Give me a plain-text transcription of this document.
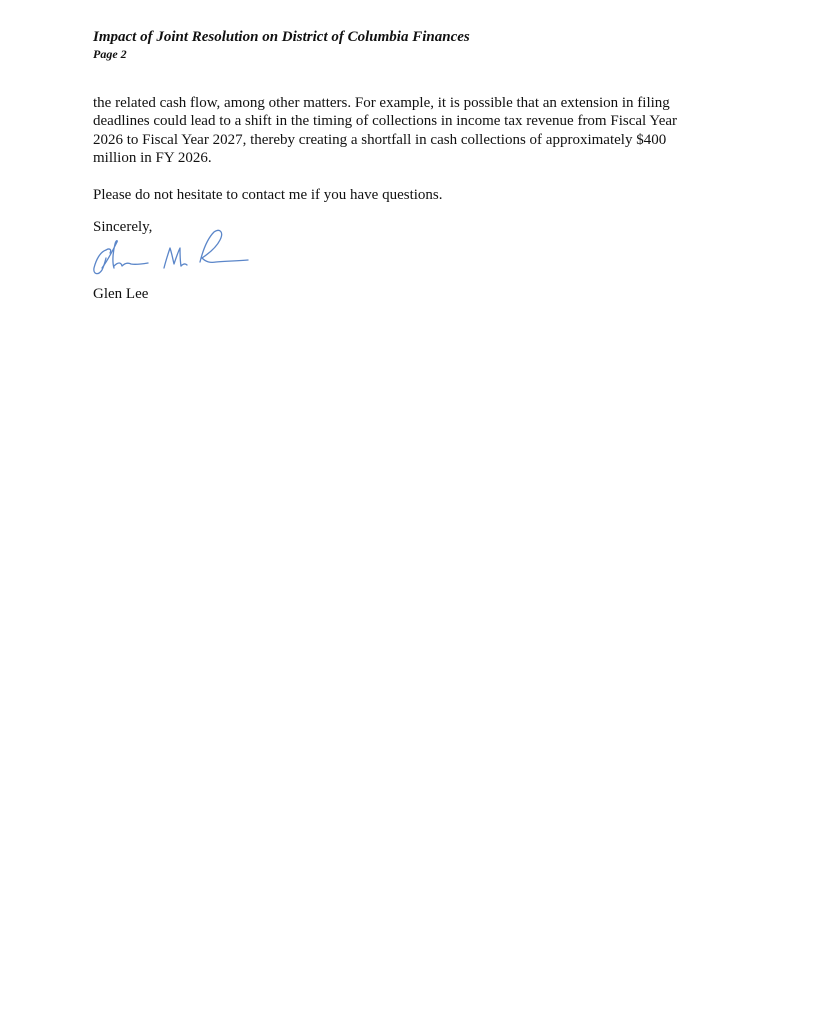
Impact of Joint Resolution on District of Columbia Finances
Page 2
the related cash flow, among other matters. For example, it is possible that an extension in filing
deadlines could lead to a shift in the timing of collections in income tax revenue from Fiscal Year
2026 to Fiscal Year 2027, thereby creating a shortfall in cash collections of approximately $400
million in FY 2026.
Please do not hesitate to contact me if you have questions.
Sincerely,
Glen Lee
